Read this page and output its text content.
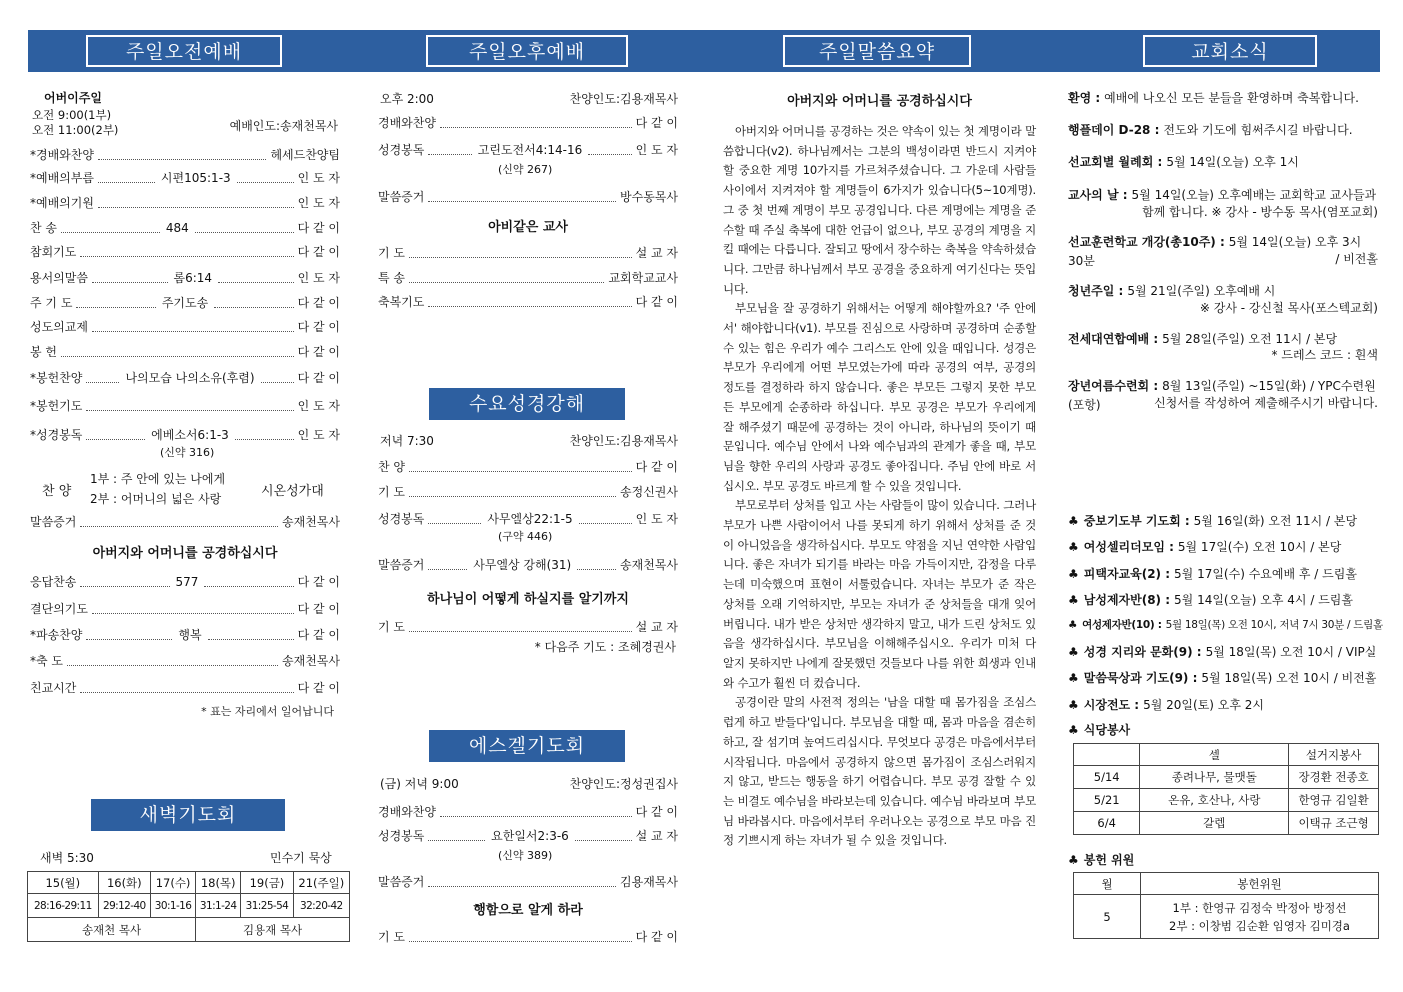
주일오전예배	주일오후예배	주일말씀요약	교회소식
어버이주일
오전 9:00(1부)
오전 11:00(2부)	예배인도:송재천목사
*경배와찬양	헤세드찬양팀
*예배의부름	시편105:1-3	인 도 자
*예배의기원	인 도 자
찬 송	484	다 같 이
참회기도	다 같 이
용서의말씀	롬6:14	인 도 자
주 기 도	주기도송	다 같 이
성도의교제	다 같 이
봉 헌	다 같 이
*봉헌찬양	나의모습 나의소유(후렴)	다 같 이
*봉헌기도	인 도 자
*성경봉독	에베소서6:1-3	인 도 자
(신약 316)
찬 양
1부 : 주 안에 있는 나에게
2부 : 어머니의 넓은 사랑	시온성가대
말씀증거	송재천목사
아버지와 어머니를 공경하십시다
응답찬송	577	다 같 이
결단의기도	다 같 이
*파송찬양	행복	다 같 이
*축 도	송재천목사
친교시간	다 같 이
* 표는 자리에서 일어납니다
새벽기도회
새벽 5:30	민수기 묵상
15(월)	16(화)	17(수)	18(목)	19(금)	21(주일)
28:16-29:11	29:12-40	30:1-16	31:1-24	31:25-54	32:20-42
송재천 목사			김용재 목사		
오후 2:00	찬양인도:김용재목사
경배와찬양	다 같 이
성경봉독	고린도전서4:14-16	인 도 자
(신약 267)
말씀증거	방수동목사
아비같은 교사
기 도	설 교 자
특 송	교회학교교사
축복기도	다 같 이
저녁 7:30	찬양인도:김용재목사
찬 양	다 같 이
기 도	송정신권사
성경봉독	사무엘상22:1-5	인 도 자
(구약 446)
말씀증거	사무엘상 강해(31)	송재천목사
하나님이 어떻게 하실지를 알기까지
기 도	설 교 자
* 다음주 기도 : 조혜경권사
(금) 저녁 9:00	찬양인도:정성권집사
경배와찬양	다 같 이
성경봉독	요한일서2:3-6	설 교 자
(신약 389)
말씀증거	김용재목사
행함으로 알게 하라
기 도	다 같 이
수요성경강해
에스겔기도회
아버지와 어머니를 공경하십시다

아버지와 어머니를 공경하는 것은 약속이 있는 첫 계명이라 말씀합니다(v2). 하나님께서는 그분의 백성이라면 반드시 지켜야할 중요한 계명 10가지를 가르쳐주셨습니다. 그 가운데 사람들 사이에서 지켜져야 할 계명들이 6가지가 있습니다(5~10계명). 그 중 첫 번째 계명이 부모 공경입니다. 다른 계명에는 계명을 준수할 때 주실 축복에 대한 언급이 없으나, 부모 공경의 계명을 지킬 때에는 다릅니다. 잘되고 땅에서 장수하는 축복을 약속하셨습니다. 그만큼 하나님께서 부모 공경을 중요하게 여기신다는 뜻입니다.

부모님을 잘 공경하기 위해서는 어떻게 해야할까요? '주 안에서' 해야합니다(v1). 부모를 진심으로 사랑하며 공경하며 순종할 수 있는 힘은 우리가 예수 그리스도 안에 있을 때입니다. 성경은 부모가 우리에게 어떤 부모였는가에 따라 공경의 여부, 공경의 정도를 결정하라 하지 않습니다. 좋은 부모든 그렇지 못한 부모든 부모에게 순종하라 하십니다. 부모 공경은 부모가 우리에게 잘 해주셨기 때문에 공경하는 것이 아니라, 하나님의 뜻이기 때문입니다. 예수님 안에서 나와 예수님과의 관계가 좋을 때, 부모님을 향한 우리의 사랑과 공경도 좋아집니다. 주님 안에 바로 서십시오. 부모 공경도 바르게 할 수 있을 것입니다.

부모로부터 상처를 입고 사는 사람들이 많이 있습니다. 그러나 부모가 나쁜 사람이어서 나를 못되게 하기 위해서 상처를 준 것이 아니었음을 생각하십시다. 부모도 약점을 지닌 연약한 사람입니다. 좋은 자녀가 되기를 바라는 마음 가득이지만, 감정을 다루는데 미숙했으며 표현이 서툴렀습니다. 자녀는 부모가 준 작은 상처를 오래 기억하지만, 부모는 자녀가 준 상처들을 대개 잊어버립니다. 내가 받은 상처만 생각하지 말고, 내가 드린 상처도 있음을 생각하십시다. 부모님을 이해해주십시오. 우리가 미처 다 알지 못하지만 나에게 잘못했던 것들보다 나를 위한 희생과 인내와 수고가 훨씬 더 컸습니다.

공경이란 말의 사전적 정의는 '남을 대할 때 몸가짐을 조심스럽게 하고 받들다'입니다. 부모님을 대할 때, 몸과 마음을 겸손히 하고, 잘 섬기며 높여드리십시다. 무엇보다 공경은 마음에서부터 시작됩니다. 마음에서 공경하지 않으면 몸가짐이 조심스러워지지 않고, 받드는 행동을 하기 어렵습니다. 부모 공경 잘할 수 있는 비결도 예수님을 바라보는데 있습니다. 예수님 바라보며 부모님 바라봅시다. 마음에서부터 우러나오는 공경으로 부모 마음 진정 기쁘시게 하는 자녀가 될 수 있을 것입니다.

환영 : 예배에 나오신 모든 분들을 환영하며 축복합니다.
행플데이 D-28 : 전도와 기도에 힘써주시길 바랍니다.
선교회별 월례회 : 5월 14일(오늘) 오후 1시
교사의 날 : 5월 14일(오늘) 오후예배는 교회학교 교사들과
함께 합니다. ※ 강사 - 방수동 목사(염포교회)
선교훈련학교 개강(총10주) : 5월 14일(오늘) 오후 3시 30분	/ 비전홀
청년주일 : 5월 21일(주일) 오후예배 시
※ 강사 - 강신철 목사(포스텍교회)
전세대연합예배 : 5월 28일(주일) 오전 11시 / 본당
* 드레스 코드 : 흰색
장년여름수련회 : 8월 13일(주일) ~15일(화) / YPC수련원(포항)	신청서를 작성하여 제출해주시기 바랍니다.
♣ 중보기도부 기도회 : 5월 16일(화) 오전 11시 / 본당
♣ 여성셀리더모임 : 5월 17일(수) 오전 10시 / 본당
♣ 피택자교육(2) : 5월 17일(수) 수요예배 후 / 드림홀
♣ 남성제자반(8) : 5월 14일(오늘) 오후 4시 / 드림홀
♣ 여성제자반(10) : 5월 18일(목) 오전 10시, 저녁 7시 30분 / 드림홀
♣ 성경 지리와 문화(9) : 5월 18일(목) 오전 10시 / VIP실
♣ 말씀묵상과 기도(9) : 5월 18일(목) 오전 10시 / 비전홀
♣ 시장전도 : 5월 20일(토) 오후 2시
♣ 식당봉사
♣ 봉헌 위원
	셀	설거지봉사
5/14	종려나무, 물맷돌	장경환 전종호
5/21	온유, 호산나, 사랑	한영규 김일환
6/4	갈렙	이택규 조근형
월	봉헌위원
5	1부 : 한영규 김정숙 박정아 방정선
2부 : 이창범 김순환 임영자 김미경a
